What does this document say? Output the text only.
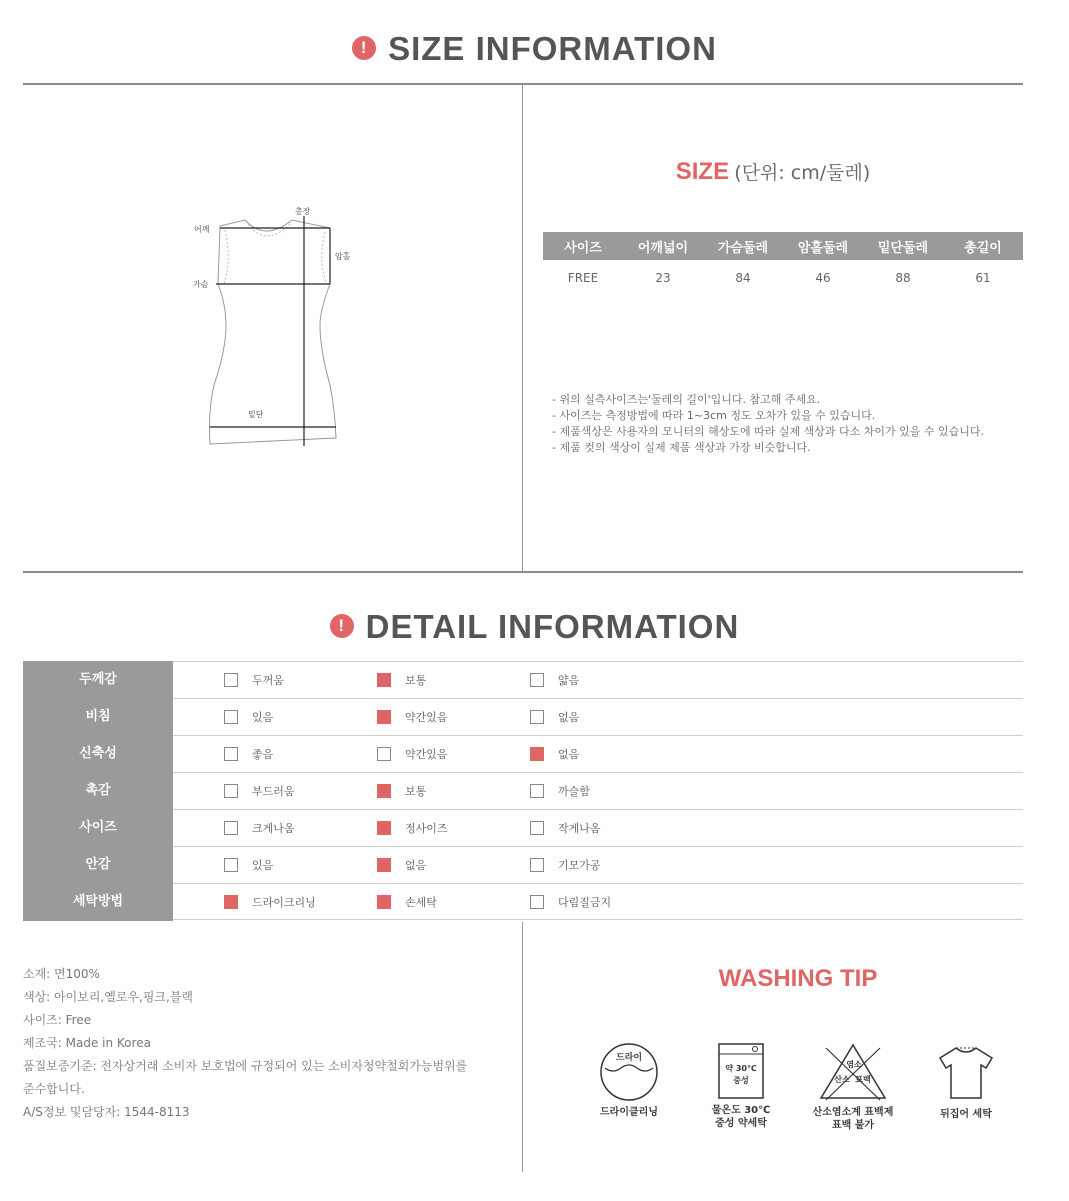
! SIZE INFORMATION
총장
어깨
암홀
가슴
밑단
SIZE (단위: cm/둘레)
사이즈	어깨넓이	가슴둘레	암홀둘레	밑단둘레	총길이
FREE	23	84	46	88	61
- 위의 실측사이즈는'둘레의 길이'입니다. 참고해 주세요.
- 사이즈는 측정방법에 따라 1~3cm 정도 오차가 있을 수 있습니다.
- 제품색상은 사용자의 모니터의 해상도에 따라 실제 색상과 다소 차이가 있을 수 있습니다.
- 제품 컷의 색상이 실제 제품 색상과 가장 비슷합니다.
! DETAIL INFORMATION
두께감	두꺼움	보통	얇음
비침	있음	약간있음	없음
신축성	좋음	약간있음	없음
촉감	부드러움	보통	까슬함
사이즈	크게나옴	정사이즈	작게나옴
안감	있음	없음	기모가공
세탁방법	드라이크리닝	손세탁	다림질금지
소재: 면100%
색상: 아이보리,옐로우,핑크,블랙
사이즈: Free
제조국: Made in Korea
품질보증기준: 전자상거래 소비자 보호법에 규정되어 있는 소비자청약철회가능범위를
준수합니다.
A/S정보 및담당자: 1544-8113
WASHING TIP
드라이
드라이클리닝
약 30℃
중성
물온도 30℃
중성 약세탁
염소
산소 표백
산소염소계 표백제
표백 불가
뒤집어 세탁
